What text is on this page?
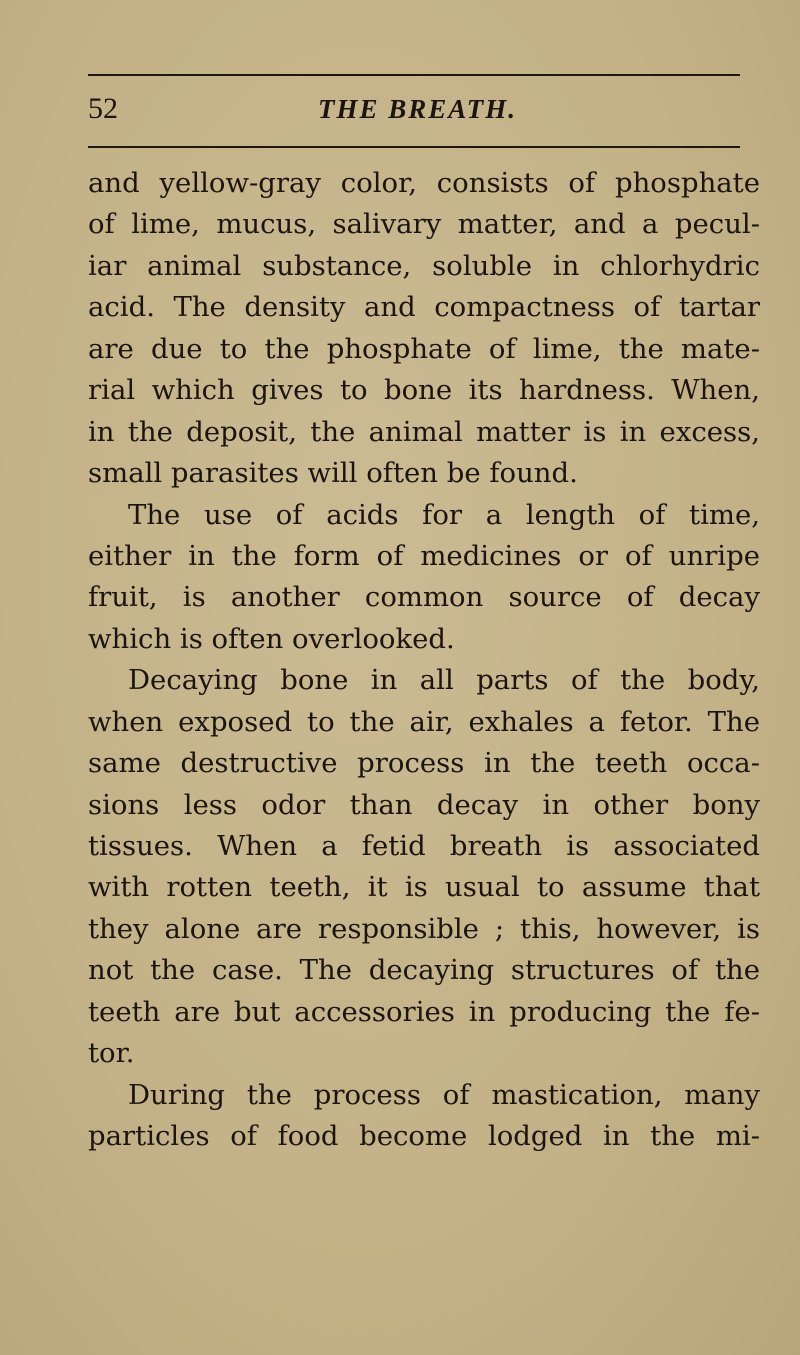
52	THE BREATH.
and yellow-gray color, consists of phosphate
of lime, mucus, salivary matter, and a pecul-
iar animal substance, soluble in chlorhydric
acid. The density and compactness of tartar
are due to the phosphate of lime, the mate-
rial which gives to bone its hardness. When,
in the deposit, the animal matter is in excess,
small parasites will often be found.
The use of acids for a length of time,
either in the form of medicines or of unripe
fruit, is another common source of decay
which is often overlooked.
Decaying bone in all parts of the body,
when exposed to the air, exhales a fetor. The
same destructive process in the teeth occa-
sions less odor than decay in other bony
tissues. When a fetid breath is associated
with rotten teeth, it is usual to assume that
they alone are responsible ; this, however, is
not the case. The decaying structures of the
teeth are but accessories in producing the fe-
tor.
During the process of mastication, many
particles of food become lodged in the mi-
